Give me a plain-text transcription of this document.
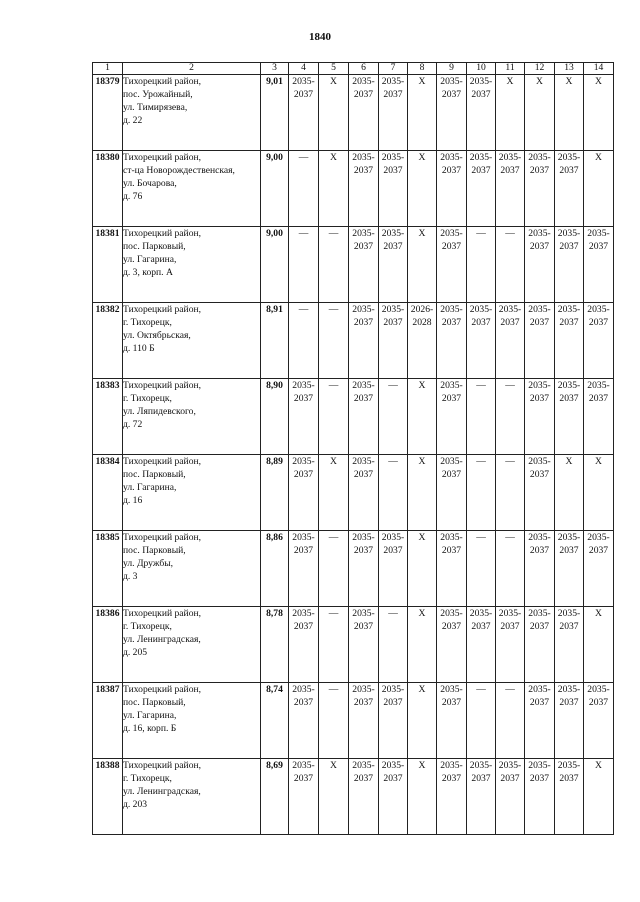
1840
1	2	3	4	5	6	7	8	9	10	11	12	13	14
18379	Тихорецкий район,
пос. Урожайный,
ул. Тимирязева,
д. 22	9,01	2035-
2037	X	2035-
2037	2035-
2037	X	2035-
2037	2035-
2037	X	X	X	X

18380	Тихорецкий район,
ст-ца Новорождественская,
ул. Бочарова,
д. 76	9,00	—	X	2035-
2037	2035-
2037	X	2035-
2037	2035-
2037	2035-
2037	2035-
2037	2035-
2037	X

18381	Тихорецкий район,
пос. Парковый,
ул. Гагарина,
д. 3, корп. А	9,00	—	—	2035-
2037	2035-
2037	X	2035-
2037	—	—	2035-
2037	2035-
2037	2035-
2037

18382	Тихорецкий район,
г. Тихорецк,
ул. Октябрьская,
д. 110 Б	8,91	—	—	2035-
2037	2035-
2037	2026-
2028	2035-
2037	2035-
2037	2035-
2037	2035-
2037	2035-
2037	2035-
2037

18383	Тихорецкий район,
г. Тихорецк,
ул. Ляпидевского,
д. 72	8,90	2035-
2037	—	2035-
2037	—	X	2035-
2037	—	—	2035-
2037	2035-
2037	2035-
2037

18384	Тихорецкий район,
пос. Парковый,
ул. Гагарина,
д. 16	8,89	2035-
2037	X	2035-
2037	—	X	2035-
2037	—	—	2035-
2037	X	X

18385	Тихорецкий район,
пос. Парковый,
ул. Дружбы,
д. 3	8,86	2035-
2037	—	2035-
2037	2035-
2037	X	2035-
2037	—	—	2035-
2037	2035-
2037	2035-
2037

18386	Тихорецкий район,
г. Тихорецк,
ул. Ленинградская,
д. 205	8,78	2035-
2037	—	2035-
2037	—	X	2035-
2037	2035-
2037	2035-
2037	2035-
2037	2035-
2037	X

18387	Тихорецкий район,
пос. Парковый,
ул. Гагарина,
д. 16, корп. Б	8,74	2035-
2037	—	2035-
2037	2035-
2037	X	2035-
2037	—	—	2035-
2037	2035-
2037	2035-
2037

18388	Тихорецкий район,
г. Тихорецк,
ул. Ленинградская,
д. 203	8,69	2035-
2037	X	2035-
2037	2035-
2037	X	2035-
2037	2035-
2037	2035-
2037	2035-
2037	2035-
2037	X
